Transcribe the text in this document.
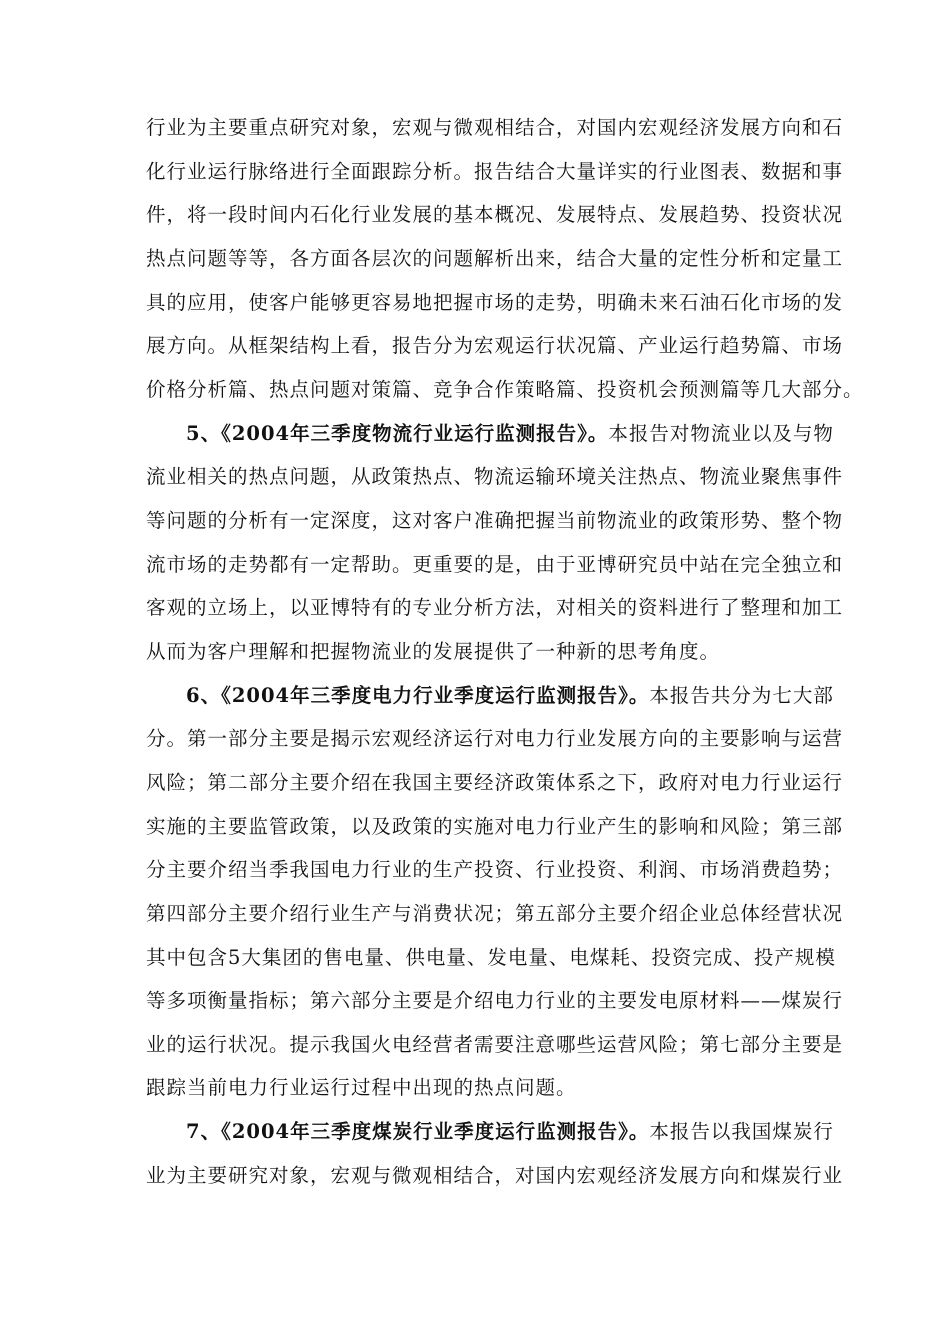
行业为主要重点研究对象，宏观与微观相结合，对国内宏观经济发展方向和石
化行业运行脉络进行全面跟踪分析。报告结合大量详实的行业图表、数据和事
件，将一段时间内石化行业发展的基本概况、发展特点、发展趋势、投资状况
热点问题等等，各方面各层次的问题解析出来，结合大量的定性分析和定量工
具的应用，使客户能够更容易地把握市场的走势，明确未来石油石化市场的发
展方向。从框架结构上看，报告分为宏观运行状况篇、产业运行趋势篇、市场
价格分析篇、热点问题对策篇、竞争合作策略篇、投资机会预测篇等几大部分。
5、《2004年三季度物流行业运行监测报告》。本报告对物流业以及与物
流业相关的热点问题，从政策热点、物流运输环境关注热点、物流业聚焦事件
等问题的分析有一定深度，这对客户准确把握当前物流业的政策形势、整个物
流市场的走势都有一定帮助。更重要的是，由于亚博研究员中站在完全独立和
客观的立场上，以亚博特有的专业分析方法，对相关的资料进行了整理和加工
从而为客户理解和把握物流业的发展提供了一种新的思考角度。
6、《2004年三季度电力行业季度运行监测报告》。本报告共分为七大部
分。第一部分主要是揭示宏观经济运行对电力行业发展方向的主要影响与运营
风险；第二部分主要介绍在我国主要经济政策体系之下，政府对电力行业运行
实施的主要监管政策，以及政策的实施对电力行业产生的影响和风险；第三部
分主要介绍当季我国电力行业的生产投资、行业投资、利润、市场消费趋势；
第四部分主要介绍行业生产与消费状况；第五部分主要介绍企业总体经营状况
其中包含5大集团的售电量、供电量、发电量、电煤耗、投资完成、投产规模
等多项衡量指标；第六部分主要是介绍电力行业的主要发电原材料——煤炭行
业的运行状况。提示我国火电经营者需要注意哪些运营风险；第七部分主要是
跟踪当前电力行业运行过程中出现的热点问题。
7、《2004年三季度煤炭行业季度运行监测报告》。本报告以我国煤炭行
业为主要研究对象，宏观与微观相结合，对国内宏观经济发展方向和煤炭行业
